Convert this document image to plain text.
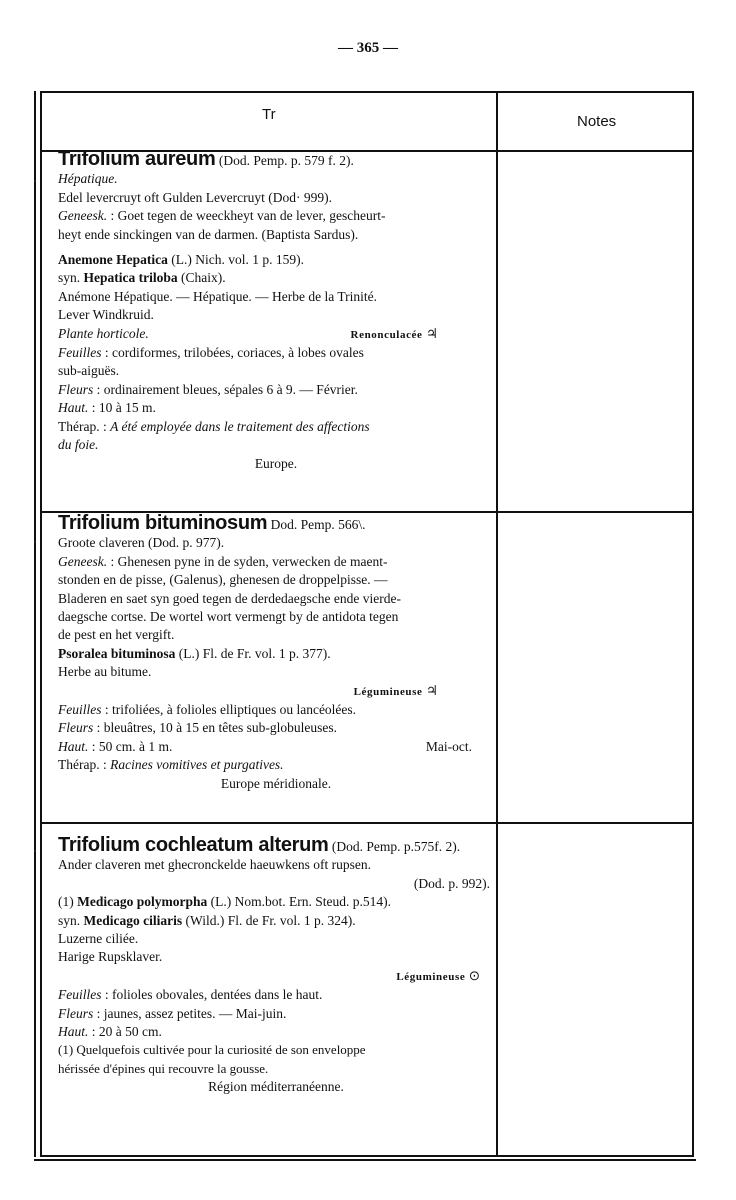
— 365 —
Tr	Notes
Trifolium aureum (Dod. Pemp. p. 579 f. 2).
Hépatique.
Edel levercruyt oft Gulden Levercruyt (Dod· 999).
Geneesk. : Goet tegen de weeckheyt van de lever, gescheurt-
heyt ende sinckingen van de darmen. (Baptista Sardus).
Anemone Hepatica (L.) Nich. vol. 1 p. 159).
syn. Hepatica triloba (Chaix).
Anémone Hépatique. — Hépatique. — Herbe de la Trinité.
Lever Windkruid.
Plante horticole.	Renonculacée ♃
Feuilles : cordiformes, trilobées, coriaces, à lobes ovales
sub-aiguës.
Fleurs : ordinairement bleues, sépales 6 à 9. — Février.
Haut. : 10 à 15 m.
Thérap. : A été employée dans le traitement des affections
du foie.
Europe.
Trifolium bituminosum Dod. Pemp. 566\.
Groote claveren (Dod. p. 977).
Geneesk. : Ghenesen pyne in de syden, verwecken de maent-
stonden en de pisse, (Galenus), ghenesen de droppelpisse. —
Bladeren en saet syn goed tegen de derdedaegsche ende vierde-
daegsche cortse. De wortel wort vermengt by de antidota tegen
de pest en het vergift.
Psoralea bituminosa (L.) Fl. de Fr. vol. 1 p. 377).
Herbe au bitume.
Légumineuse ♃
Feuilles : trifoliées, à folioles elliptiques ou lancéolées.
Fleurs : bleuâtres, 10 à 15 en têtes sub-globuleuses.
Haut. : 50 cm. à 1 m.	Mai-oct.
Thérap. : Racines vomitives et purgatives.
Europe méridionale.
Trifolium cochleatum alterum (Dod. Pemp. p.575f. 2).
Ander claveren met ghecronckelde haeuwkens oft rupsen.
(Dod. p. 992).
(1) Medicago polymorpha (L.) Nom.bot. Ern. Steud. p.514).
syn. Medicago ciliaris (Wild.) Fl. de Fr. vol. 1 p. 324).
Luzerne ciliée.
Harige Rupsklaver.
Légumineuse ⊙
Feuilles : folioles obovales, dentées dans le haut.
Fleurs : jaunes, assez petites. — Mai-juin.
Haut. : 20 à 50 cm.
(1) Quelquefois cultivée pour la curiosité de son enveloppe
hérissée d'épines qui recouvre la gousse.
Région méditerranéenne.
